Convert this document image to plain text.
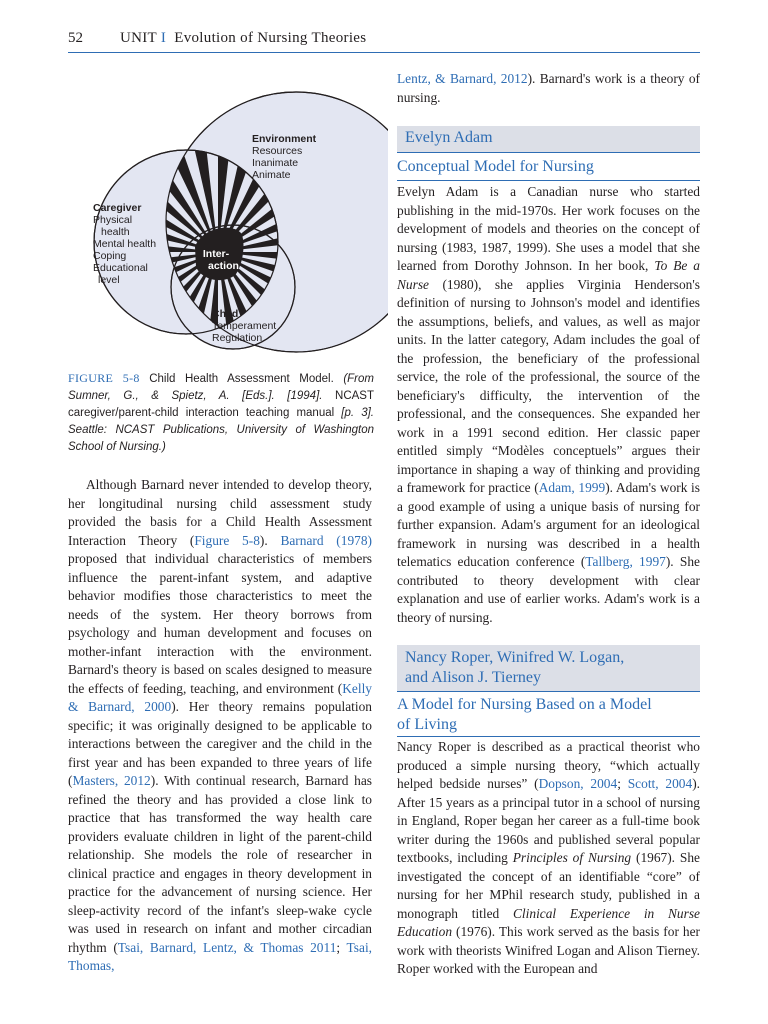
52 UNIT I Evolution of Nursing Theories
Environment
Resources
Inanimate
Animate
Caregiver
Physical
health
Mental health
Coping
Educational
level
Inter-
action
Child
Temperament
Regulation
FIGURE 5-8 Child Health Assessment Model. (From Sumner, G., & Spietz, A. [Eds.]. [1994]. NCAST caregiver/parent-child interaction teaching manual [p. 3]. Seattle: NCAST Publications, University of Washington School of Nursing.)

Although Barnard never intended to develop theory, her longitudinal nursing child assessment study provided the basis for a Child Health Assessment Interaction Theory (Figure 5-8). Barnard (1978) proposed that individual characteristics of members influence the parent-infant system, and adaptive behavior modifies those characteristics to meet the needs of the system. Her theory borrows from psychology and human development and focuses on mother-infant interaction with the environment. Barnard's theory is based on scales designed to measure the effects of feeding, teaching, and environment (Kelly & Barnard, 2000). Her theory remains population specific; it was originally designed to be applicable to interactions between the caregiver and the child in the first year and has been expanded to three years of life (Masters, 2012). With continual research, Barnard has refined the theory and has provided a close link to practice that has transformed the way health care providers evaluate children in light of the parent-child relationship. She models the role of researcher in clinical practice and engages in theory development in practice for the advancement of nursing science. Her sleep-activity record of the infant's sleep-wake cycle was used in research on infant and mother circadian rhythm (Tsai, Barnard, Lentz, & Thomas 2011; Tsai, Thomas,

Lentz, & Barnard, 2012). Barnard's work is a theory of nursing.

Evelyn Adam
Conceptual Model for Nursing

Evelyn Adam is a Canadian nurse who started publishing in the mid-1970s. Her work focuses on the development of models and theories on the concept of nursing (1983, 1987, 1999). She uses a model that she learned from Dorothy Johnson. In her book, To Be a Nurse (1980), she applies Virginia Henderson's definition of nursing to Johnson's model and identifies the assumptions, beliefs, and values, as well as major units. In the latter category, Adam includes the goal of the profession, the beneficiary of the professional service, the role of the professional, the source of the beneficiary's difficulty, the intervention of the professional, and the consequences. She expanded her work in a 1991 second edition. Her classic paper entitled simply “Modèles conceptuels” argues their importance in shaping a way of thinking and providing a framework for practice (Adam, 1999). Adam's work is a good example of using a unique basis of nursing for further expansion. Adam's argument for an ideological framework in nursing was described in a health telematics education conference (Tallberg, 1997). She contributed to theory development with clear explanation and use of earlier works. Adam's work is a theory of nursing.

Nancy Roper, Winifred W. Logan,
and Alison J. Tierney
A Model for Nursing Based on a Model
of Living

Nancy Roper is described as a practical theorist who produced a simple nursing theory, “which actually helped bedside nurses” (Dopson, 2004; Scott, 2004). After 15 years as a principal tutor in a school of nursing in England, Roper began her career as a full-time book writer during the 1960s and published several popular textbooks, including Principles of Nursing (1967). She investigated the concept of an identifiable “core” of nursing for her MPhil research study, published in a monograph titled Clinical Experience in Nurse Education (1976). This work served as the basis for her work with theorists Winifred Logan and Alison Tierney. Roper worked with the European and
